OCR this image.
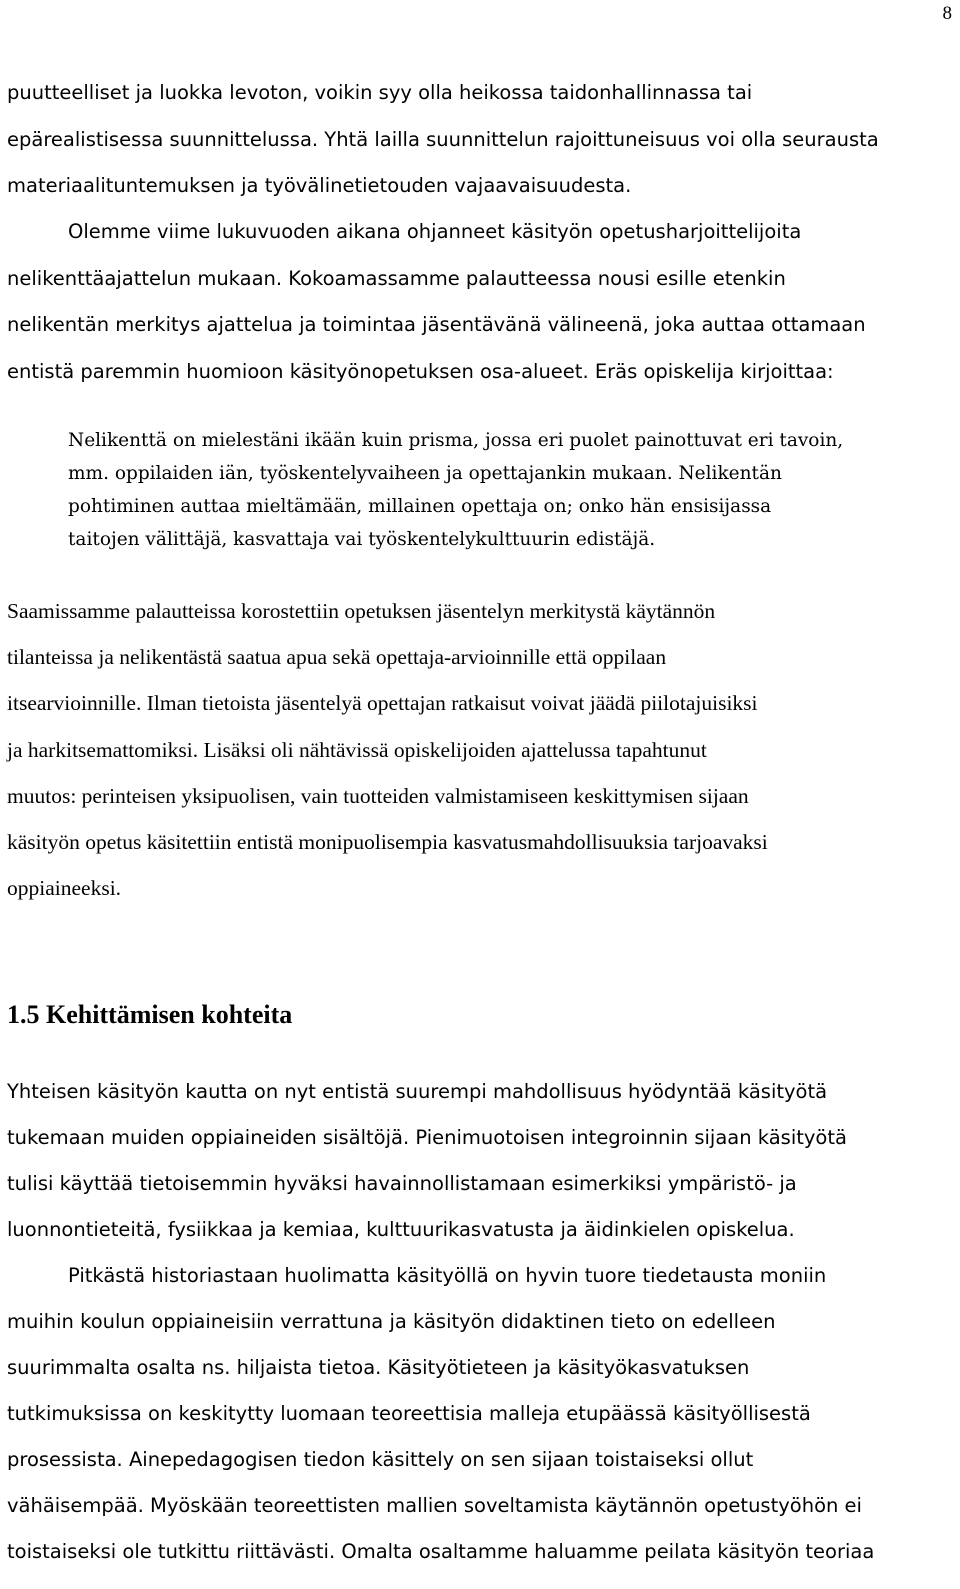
8

puutteelliset ja luokka levoton, voikin syy olla heikossa taidonhallinnassa tai
epärealistisessa suunnittelussa. Yhtä lailla suunnittelun rajoittuneisuus voi olla seurausta
materiaalituntemuksen ja työvälinetietouden vajaavaisuudesta.

Olemme viime lukuvuoden aikana ohjanneet käsityön opetusharjoittelijoita
nelikenttäajattelun mukaan. Kokoamassamme palautteessa nousi esille etenkin
nelikentän merkitys ajattelua ja toimintaa jäsentävänä välineenä, joka auttaa ottamaan
entistä paremmin huomioon käsityönopetuksen osa-alueet. Eräs opiskelija kirjoittaa:

Nelikenttä on mielestäni ikään kuin prisma, jossa eri puolet painottuvat eri tavoin,
mm. oppilaiden iän, työskentelyvaiheen ja opettajankin mukaan. Nelikentän
pohtiminen auttaa mieltämään, millainen opettaja on; onko hän ensisijassa
taitojen välittäjä, kasvattaja vai työskentelykulttuurin edistäjä.

Saamissamme palautteissa korostettiin opetuksen jäsentelyn merkitystä käytännön
tilanteissa ja nelikentästä saatua apua sekä opettaja-arvioinnille että oppilaan
itsearvioinnille. Ilman tietoista jäsentelyä opettajan ratkaisut voivat jäädä piilotajuisiksi
ja harkitsemattomiksi. Lisäksi oli nähtävissä opiskelijoiden ajattelussa tapahtunut
muutos: perinteisen yksipuolisen, vain tuotteiden valmistamiseen keskittymisen sijaan
käsityön opetus käsitettiin entistä monipuolisempia kasvatusmahdollisuuksia tarjoavaksi
oppiaineeksi.

1.5 Kehittämisen kohteita

Yhteisen käsityön kautta on nyt entistä suurempi mahdollisuus hyödyntää käsityötä
tukemaan muiden oppiaineiden sisältöjä. Pienimuotoisen integroinnin sijaan käsityötä
tulisi käyttää tietoisemmin hyväksi havainnollistamaan esimerkiksi ympäristö- ja
luonnontieteitä, fysiikkaa ja kemiaa, kulttuurikasvatusta ja äidinkielen opiskelua.

Pitkästä historiastaan huolimatta käsityöllä on hyvin tuore tiedetausta moniin
muihin koulun oppiaineisiin verrattuna ja käsityön didaktinen tieto on edelleen
suurimmalta osalta ns. hiljaista tietoa. Käsityötieteen ja käsityökasvatuksen
tutkimuksissa on keskitytty luomaan teoreettisia malleja etupäässä käsityöllisestä
prosessista. Ainepedagogisen tiedon käsittely on sen sijaan toistaiseksi ollut
vähäisempää. Myöskään teoreettisten mallien soveltamista käytännön opetustyöhön ei
toistaiseksi ole tutkittu riittävästi. Omalta osaltamme haluamme peilata käsityön teoriaa
